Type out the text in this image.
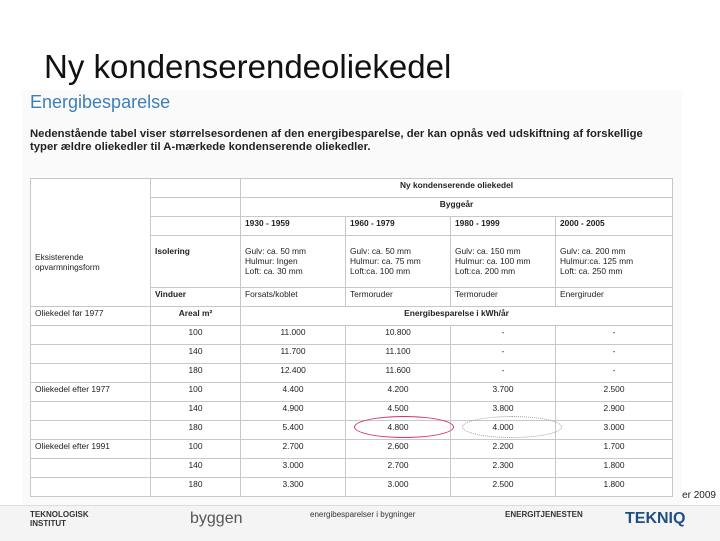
Ny kondenserendeoliekedel
Energibesparelse
Nedenstående tabel viser størrelsesordenen af den energibesparelse, der kan opnås ved udskiftning af forskellige typer ældre oliekedler til A-mærkede kondenserende oliekedler.
Eksisterende opvarmningsform		Ny kondenserende oliekedel			
		Byggeår			
		1930 - 1959	1960 - 1979	1980 - 1999	2000 - 2005
	Isolering	Gulv: ca. 50 mm
Hulmur: Ingen
Loft: ca. 30 mm	Gulv: ca. 50 mm
Hulmur: ca. 75 mm
Loft:ca. 100 mm	Gulv: ca. 150 mm
Hulmur: ca. 100 mm
Loft:ca. 200 mm	Gulv: ca. 200 mm
Hulmur:ca. 125 mm
Loft: ca. 250 mm
	Vinduer	Forsats/koblet	Termoruder	Termoruder	Energiruder
Oliekedel før 1977	Areal m²	Energibesparelse i kWh/år			
	100	11.000	10.800	-	-
	140	11.700	11.100	-	-
	180	12.400	11.600	-	-
Oliekedel efter 1977	100	4.400	4.200	3.700	2.500
	140	4.900	4.500	3.800	2.900
	180	5.400	4.800	4.000	3.000
Oliekedel efter 1991	100	2.700	2.600	2.200	1.700
	140	3.000	2.700	2.300	1.800
	180	3.300	3.000	2.500	1.800
er 2009
TEKNOLOGISK INSTITUT	byggen	energibesparelser i bygninger	ENERGITJENESTEN	TEKNIQ
